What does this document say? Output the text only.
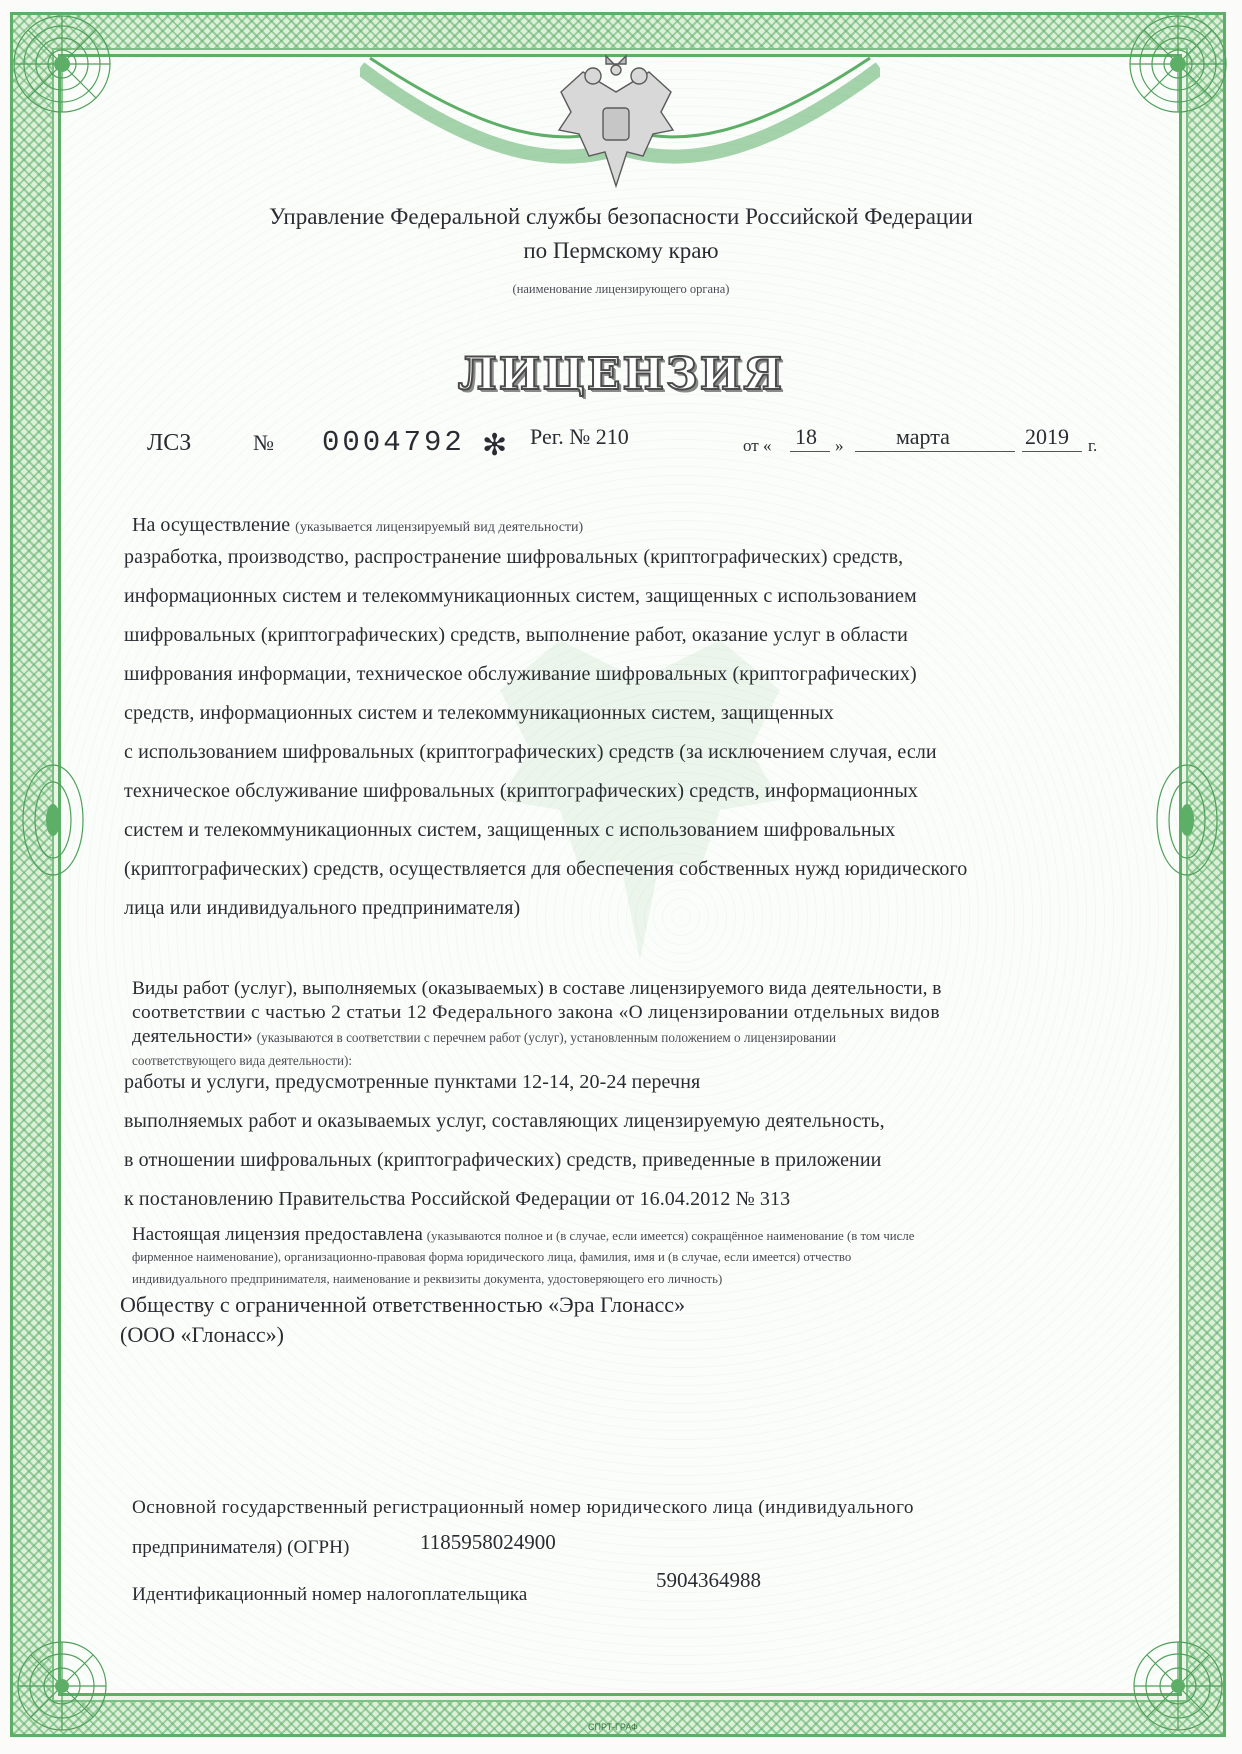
Управление Федеральной службы безопасности Российской Федерации
по Пермскому краю
(наименование лицензирующего органа)
ЛИЦЕНЗИЯ
ЛСЗ	№ 0004792 ✻ Рег. № 210	от « 18 » марта	2019 г.
На осуществление (указывается лицензируемый вид деятельности)
разработка, производство, распространение шифровальных (криптографических) средств,
информационных систем и телекоммуникационных систем, защищенных с использованием
шифровальных (криптографических) средств, выполнение работ, оказание услуг в области
шифрования информации, техническое обслуживание шифровальных (криптографических)
средств, информационных систем и телекоммуникационных систем, защищенных
с использованием шифровальных (криптографических) средств (за исключением случая, если
техническое обслуживание шифровальных (криптографических) средств, информационных
систем и телекоммуникационных систем, защищенных с использованием шифровальных
(криптографических) средств, осуществляется для обеспечения собственных нужд юридического
лица или индивидуального предпринимателя)
Виды работ (услуг), выполняемых (оказываемых) в составе лицензируемого вида деятельности, в
соответствии с частью 2 статьи 12 Федерального закона «О лицензировании отдельных видов
деятельности» (указываются в соответствии с перечнем работ (услуг), установленным положением о лицензировании
соответствующего вида деятельности):
работы и услуги, предусмотренные пунктами 12-14, 20-24 перечня
выполняемых работ и оказываемых услуг, составляющих лицензируемую деятельность,
в отношении шифровальных (криптографических) средств, приведенные в приложении
к постановлению Правительства Российской Федерации от 16.04.2012 № 313
Настоящая лицензия предоставлена (указываются полное и (в случае, если имеется) сокращённое наименование (в том числе
фирменное наименование), организационно-правовая форма юридического лица, фамилия, имя и (в случае, если имеется) отчество
индивидуального предпринимателя, наименование и реквизиты документа, удостоверяющего его личность)
Обществу с ограниченной ответственностью «Эра Глонасс»
(ООО «Глонасс»)
Основной государственный регистрационный номер юридического лица (индивидуального
предпринимателя) (ОГРН)	1185958024900
Идентификационный номер налогоплательщика
5904364988
СПРТ-ГРАФ
